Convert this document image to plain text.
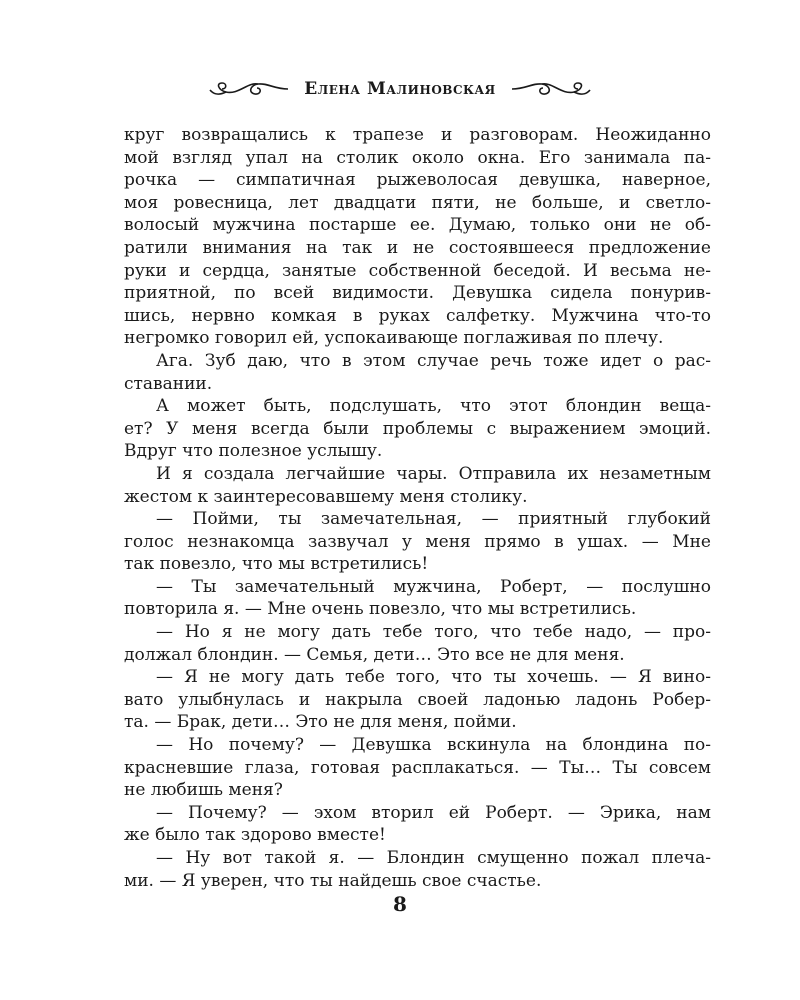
Елена Малиновская
круг возвращались к трапезе и разговорам. Неожиданно
мой взгляд упал на столик около окна. Его занимала па-
рочка — симпатичная рыжеволосая девушка, наверное,
моя ровесница, лет двадцати пяти, не больше, и светло-
волосый мужчина постарше ее. Думаю, только они не об-
ратили внимания на так и не состоявшееся предложение
руки и сердца, занятые собственной беседой. И весьма не-
приятной, по всей видимости. Девушка сидела понурив-
шись, нервно комкая в руках салфетку. Мужчина что-то
негромко говорил ей, успокаивающе поглаживая по плечу.
Ага. Зуб даю, что в этом случае речь тоже идет о рас-
ставании.
А может быть, подслушать, что этот блондин веща-
ет? У меня всегда были проблемы с выражением эмоций.
Вдруг что полезное услышу.
И я создала легчайшие чары. Отправила их незаметным
жестом к заинтересовавшему меня столику.
— Пойми, ты замечательная, — приятный глубокий
голос незнакомца зазвучал у меня прямо в ушах. — Мне
так повезло, что мы встретились!
— Ты замечательный мужчина, Роберт, — послушно
повторила я. — Мне очень повезло, что мы встретились.
— Но я не могу дать тебе того, что тебе надо, — про-
должал блондин. — Семья, дети… Это все не для меня.
— Я не могу дать тебе того, что ты хочешь. — Я вино-
вато улыбнулась и накрыла своей ладонью ладонь Робер-
та. — Брак, дети… Это не для меня, пойми.
— Но почему? — Девушка вскинула на блондина по-
красневшие глаза, готовая расплакаться. — Ты… Ты совсем
не любишь меня?
— Почему? — эхом вторил ей Роберт. — Эрика, нам
же было так здорово вместе!
— Ну вот такой я. — Блондин смущенно пожал плеча-
ми. — Я уверен, что ты найдешь свое счастье.
8
